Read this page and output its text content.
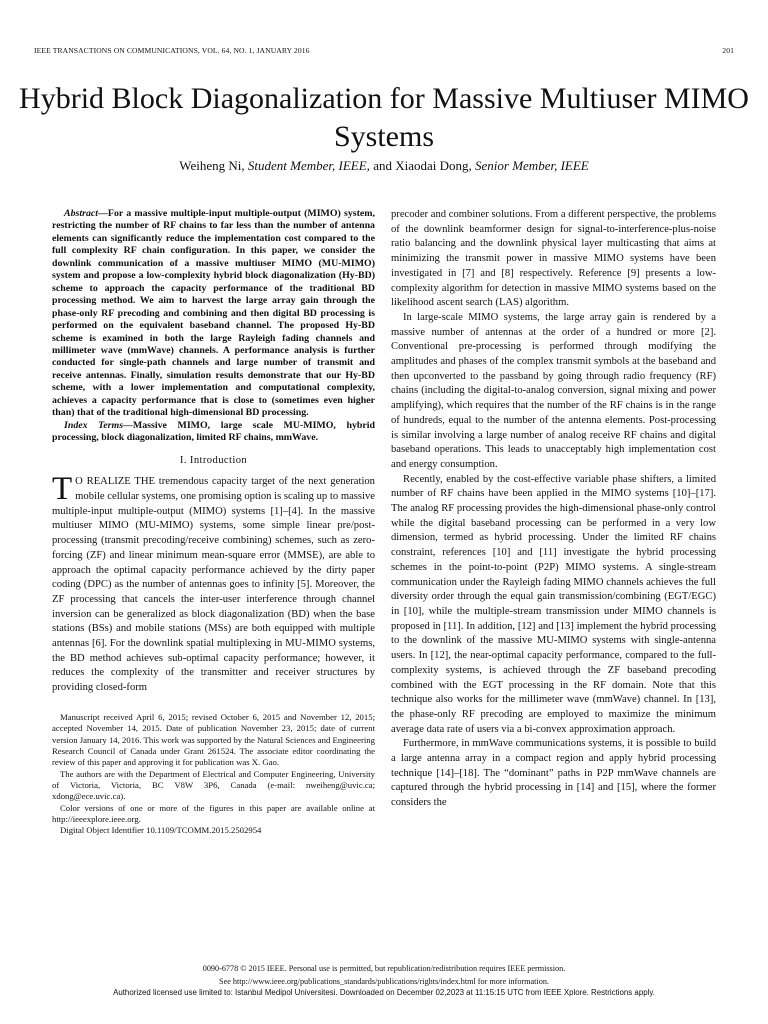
IEEE TRANSACTIONS ON COMMUNICATIONS, VOL. 64, NO. 1, JANUARY 2016	201
Hybrid Block Diagonalization for Massive Multiuser MIMO Systems
Weiheng Ni, Student Member, IEEE, and Xiaodai Dong, Senior Member, IEEE

Abstract—For a massive multiple-input multiple-output (MIMO) system, restricting the number of RF chains to far less than the number of antenna elements can significantly reduce the implementation cost compared to the full complexity RF chain configuration. In this paper, we consider the downlink communication of a massive multiuser MIMO (MU-MIMO) system and propose a low-complexity hybrid block diagonalization (Hy-BD) scheme to approach the capacity performance of the traditional BD processing method. We aim to harvest the large array gain through the phase-only RF precoding and combining and then digital BD processing is performed on the equivalent baseband channel. The proposed Hy-BD scheme is examined in both the large Rayleigh fading channels and millimeter wave (mmWave) channels. A performance analysis is further conducted for single-path channels and large number of transmit and receive antennas. Finally, simulation results demonstrate that our Hy-BD scheme, with a lower implementation and computational complexity, achieves a capacity performance that is close to (sometimes even higher than) that of the traditional high-dimensional BD processing.

Index Terms—Massive MIMO, large scale MU-MIMO, hybrid processing, block diagonalization, limited RF chains, mmWave.

I. Introduction

T O REALIZE THE tremendous capacity target of the next generation mobile cellular systems, one promising option is scaling up to massive multiple-input multiple-output (MIMO) systems [1]–[4]. In the massive multiuser MIMO (MU-MIMO) systems, some simple linear pre/post-processing (transmit precoding/receive combining) schemes, such as zero-forcing (ZF) and linear minimum mean-square error (MMSE), are able to approach the optimal capacity performance achieved by the dirty paper coding (DPC) as the number of antennas goes to infinity [5]. Moreover, the ZF processing that cancels the inter-user interference through channel inversion can be generalized as block diagonalization (BD) when the base stations (BSs) and mobile stations (MSs) are both equipped with multiple antennas [6]. For the downlink spatial multiplexing in MU-MIMO systems, the BD method achieves sub-optimal capacity performance; however, it reduces the complexity of the transmitter and receiver structures by providing closed-form

Manuscript received April 6, 2015; revised October 6, 2015 and November 12, 2015; accepted November 14, 2015. Date of publication November 23, 2015; date of current version January 14, 2016. This work was supported by the Natural Sciences and Engineering Research Council of Canada under Grant 261524. The associate editor coordinating the review of this paper and approving it for publication was X. Gao.

The authors are with the Department of Electrical and Computer Engineering, University of Victoria, Victoria, BC V8W 3P6, Canada (e-mail: nweiheng@uvic.ca; xdong@ece.uvic.ca).

Color versions of one or more of the figures in this paper are available online at http://ieeexplore.ieee.org.

Digital Object Identifier 10.1109/TCOMM.2015.2502954

precoder and combiner solutions. From a different perspective, the problems of the downlink beamformer design for signal-to-interference-plus-noise ratio balancing and the downlink physical layer multicasting that aims at minimizing the transmit power in massive MIMO systems have been investigated in [7] and [8] respectively. Reference [9] presents a low-complexity algorithm for detection in massive MIMO systems based on the likelihood ascent search (LAS) algorithm.

In large-scale MIMO systems, the large array gain is rendered by a massive number of antennas at the order of a hundred or more [2]. Conventional pre-processing is performed through modifying the amplitudes and phases of the complex transmit symbols at the baseband and then upconverted to the passband by going through radio frequency (RF) chains (including the digital-to-analog conversion, signal mixing and power amplifying), which requires that the number of the RF chains is in the range of hundreds, equal to the number of the antenna elements. Post-processing is similar involving a large number of analog receive RF chains and digital baseband operations. This leads to unacceptably high implementation cost and energy consumption.

Recently, enabled by the cost-effective variable phase shifters, a limited number of RF chains have been applied in the MIMO systems [10]–[17]. The analog RF processing provides the high-dimensional phase-only control while the digital baseband processing can be performed in a very low dimension, termed as hybrid processing. Under the limited RF chains constraint, references [10] and [11] investigate the hybrid processing schemes in the point-to-point (P2P) MIMO systems. A single-stream communication under the Rayleigh fading MIMO channels achieves the full diversity order through the equal gain transmission/combining (EGT/EGC) in [10], while the multiple-stream transmission under MIMO channels is proposed in [11]. In addition, [12] and [13] implement the hybrid processing to the downlink of the massive MU-MIMO systems with single-antenna users. In [12], the near-optimal capacity performance, compared to the full-complexity systems, is achieved through the ZF baseband precoding combined with the EGT processing in the RF domain. Note that this technique also works for the millimeter wave (mmWave) channel. In [13], the phase-only RF precoding are employed to maximize the minimum average data rate of users via a bi-convex approximation approach.

Furthermore, in mmWave communications systems, it is possible to build a large antenna array in a compact region and apply hybrid processing technique [14]–[18]. The “dominant” paths in P2P mmWave channels are captured through the hybrid processing in [14] and [15], where the former considers the

0090-6778 © 2015 IEEE. Personal use is permitted, but republication/redistribution requires IEEE permission.
See http://www.ieee.org/publications_standards/publications/rights/index.html for more information.
Authorized licensed use limited to: Istanbul Medipol Universitesi. Downloaded on December 02,2023 at 11:15:15 UTC from IEEE Xplore. Restrictions apply.
